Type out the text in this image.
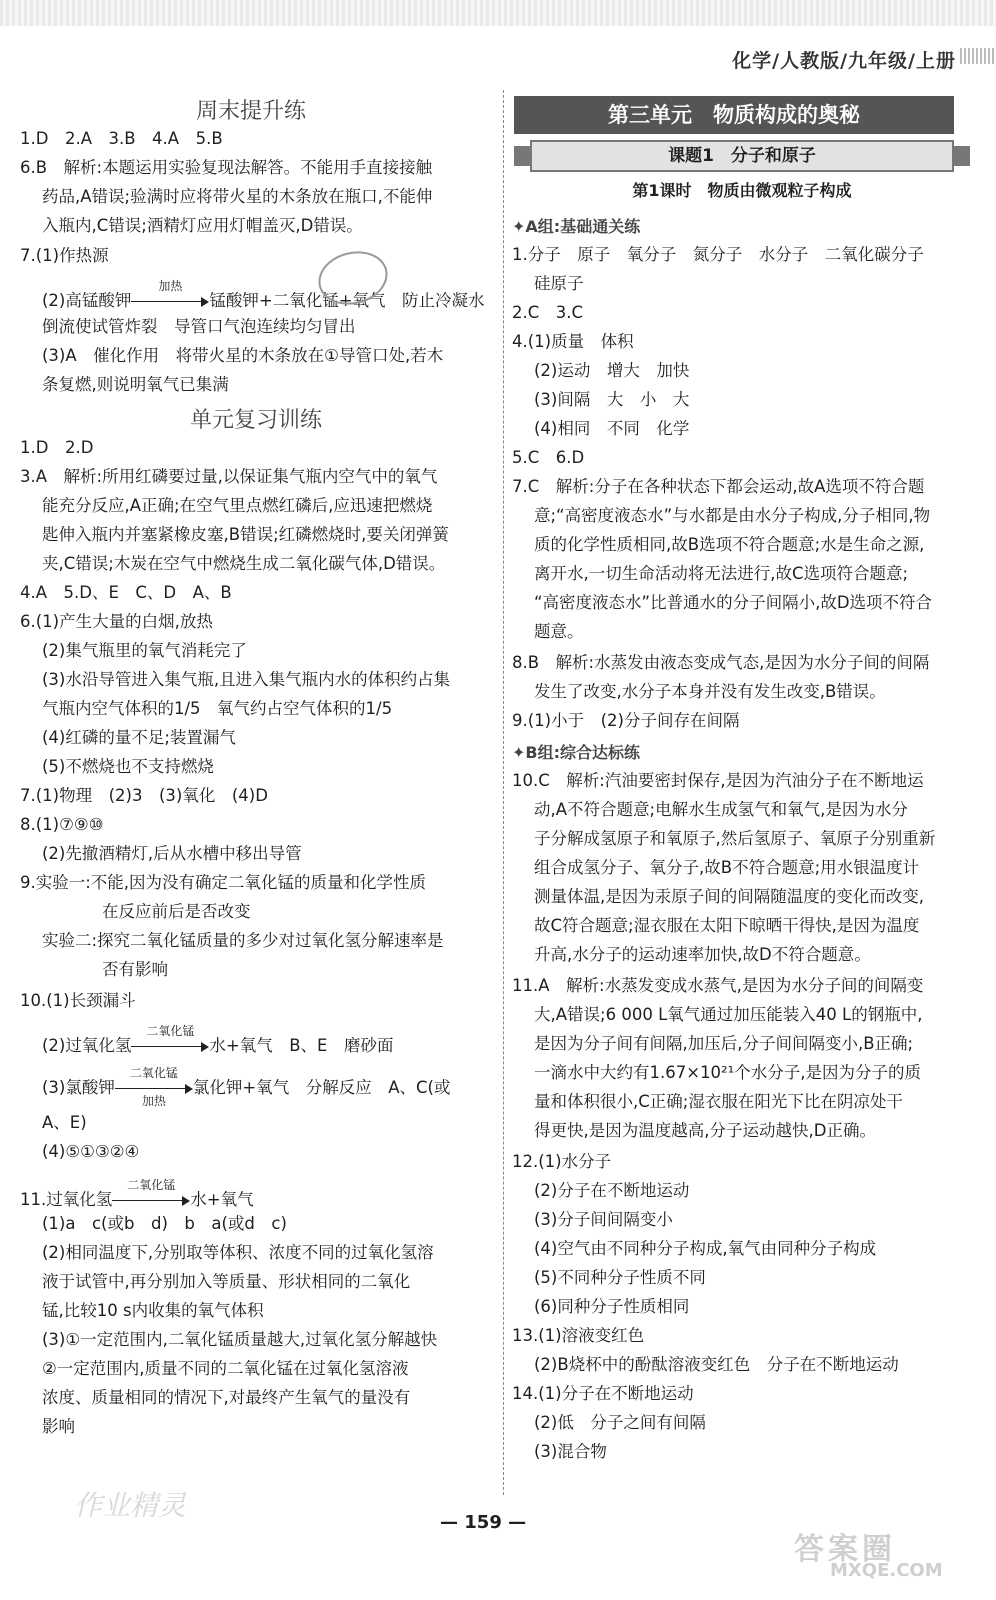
化学/人教版/九年级/上册
周末提升练
1.D　2.A　3.B　4.A　5.B
6.B　解析:本题运用实验复现法解答。不能用手直接接触
药品,A错误;验满时应将带火星的木条放在瓶口,不能伸
入瓶内,C错误;酒精灯应用灯帽盖灭,D错误。
7.(1)作热源
(2)高锰酸钾
加热
锰酸钾+二氧化锰+氧气　防止冷凝水
倒流使试管炸裂　导管口气泡连续均匀冒出
(3)A　催化作用　将带火星的木条放在①导管口处,若木
条复燃,则说明氧气已集满
单元复习训练
1.D　2.D
3.A　解析:所用红磷要过量,以保证集气瓶内空气中的氧气
能充分反应,A正确;在空气里点燃红磷后,应迅速把燃烧
匙伸入瓶内并塞紧橡皮塞,B错误;红磷燃烧时,要关闭弹簧
夹,C错误;木炭在空气中燃烧生成二氧化碳气体,D错误。
4.A　5.D、E　C、D　A、B
6.(1)产生大量的白烟,放热
(2)集气瓶里的氧气消耗完了
(3)水沿导管进入集气瓶,且进入集气瓶内水的体积约占集
气瓶内空气体积的1/5　氧气约占空气体积的1/5
(4)红磷的量不足;装置漏气
(5)不燃烧也不支持燃烧
7.(1)物理　(2)3　(3)氧化　(4)D
8.(1)⑦⑨⑩
(2)先撤酒精灯,后从水槽中移出导管
9.实验一:不能,因为没有确定二氧化锰的质量和化学性质
在反应前后是否改变
实验二:探究二氧化锰质量的多少对过氧化氢分解速率是
否有影响
10.(1)长颈漏斗
(2)过氧化氢
二氧化锰
水+氧气　B、E　磨砂面
(3)氯酸钾
二氧化锰
加热
氯化钾+氧气　分解反应　A、C(或
A、E)
(4)⑤①③②④
11.过氧化氢
二氧化锰
水+氧气
(1)a　c(或b　d)　b　a(或d　c)
(2)相同温度下,分别取等体积、浓度不同的过氧化氢溶
液于试管中,再分别加入等质量、形状相同的二氧化
锰,比较10 s内收集的氧气体积
(3)①一定范围内,二氧化锰质量越大,过氧化氢分解越快
②一定范围内,质量不同的二氧化锰在过氧化氢溶液
浓度、质量相同的情况下,对最终产生氧气的量没有
影响
第三单元　物质构成的奥秘
课题1　分子和原子
第1课时　物质由微观粒子构成
✦A组:基础通关练
1.分子　原子　氧分子　氮分子　水分子　二氧化碳分子
硅原子
2.C　3.C
4.(1)质量　体积
(2)运动　增大　加快
(3)间隔　大　小　大
(4)相同　不同　化学
5.C　6.D
7.C　解析:分子在各种状态下都会运动,故A选项不符合题
意;“高密度液态水”与水都是由水分子构成,分子相同,物
质的化学性质相同,故B选项不符合题意;水是生命之源,
离开水,一切生命活动将无法进行,故C选项符合题意;
“高密度液态水”比普通水的分子间隔小,故D选项不符合
题意。
8.B　解析:水蒸发由液态变成气态,是因为水分子间的间隔
发生了改变,水分子本身并没有发生改变,B错误。
9.(1)小于　(2)分子间存在间隔
✦B组:综合达标练
10.C　解析:汽油要密封保存,是因为汽油分子在不断地运
动,A不符合题意;电解水生成氢气和氧气,是因为水分
子分解成氢原子和氧原子,然后氢原子、氧原子分别重新
组合成氢分子、氧分子,故B不符合题意;用水银温度计
测量体温,是因为汞原子间的间隔随温度的变化而改变,
故C符合题意;湿衣服在太阳下晾晒干得快,是因为温度
升高,水分子的运动速率加快,故D不符合题意。
11.A　解析:水蒸发变成水蒸气,是因为水分子间的间隔变
大,A错误;6 000 L氧气通过加压能装入40 L的钢瓶中,
是因为分子间有间隔,加压后,分子间间隔变小,B正确;
一滴水中大约有1.67×10²¹个水分子,是因为分子的质
量和体积很小,C正确;湿衣服在阳光下比在阴凉处干
得更快,是因为温度越高,分子运动越快,D正确。
12.(1)水分子
(2)分子在不断地运动
(3)分子间间隔变小
(4)空气由不同种分子构成,氧气由同种分子构成
(5)不同种分子性质不同
(6)同种分子性质相同
13.(1)溶液变红色
(2)B烧杯中的酚酞溶液变红色　分子在不断地运动
14.(1)分子在不断地运动
(2)低　分子之间有间隔
(3)混合物
作业精灵
— 159 —
答案圈
MXQE.COM
